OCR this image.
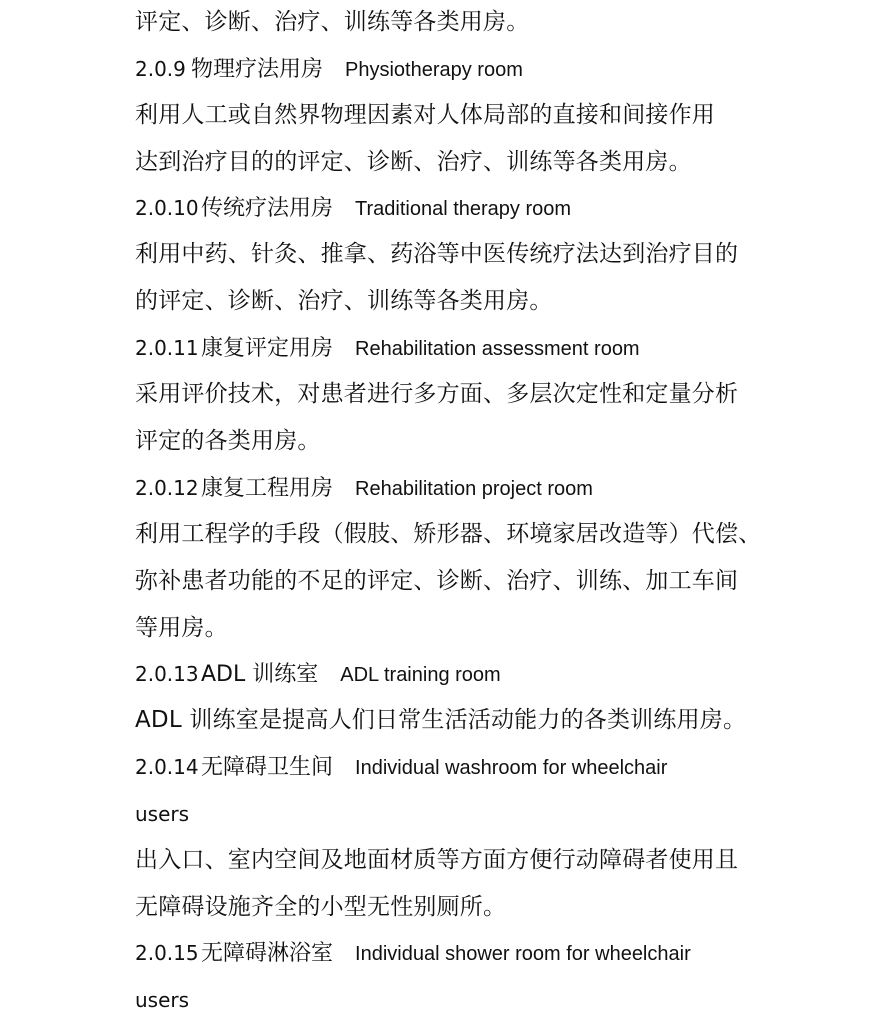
评定、诊断、治疗、训练等各类用房。
2.0.9 物理疗法用房 Physiotherapy room
利用人工或自然界物理因素对人体局部的直接和间接作用
达到治疗目的的评定、诊断、治疗、训练等各类用房。
2.0.10 传统疗法用房 Traditional therapy room
利用中药、针灸、推拿、药浴等中医传统疗法达到治疗目的
的评定、诊断、治疗、训练等各类用房。
2.0.11 康复评定用房 Rehabilitation assessment room
采用评价技术，对患者进行多方面、多层次定性和定量分析
评定的各类用房。
2.0.12 康复工程用房 Rehabilitation project room
利用工程学的手段（假肢、矫形器、环境家居改造等）代偿、
弥补患者功能的不足的评定、诊断、治疗、训练、加工车间
等用房。
2.0.13 ADL 训练室 ADL training room
ADL 训练室是提高人们日常生活活动能力的各类训练用房。
2.0.14 无障碍卫生间 Individual washroom for wheelchair
users
出入口、室内空间及地面材质等方面方便行动障碍者使用且
无障碍设施齐全的小型无性别厕所。
2.0.15 无障碍淋浴室 Individual shower room for wheelchair
users
